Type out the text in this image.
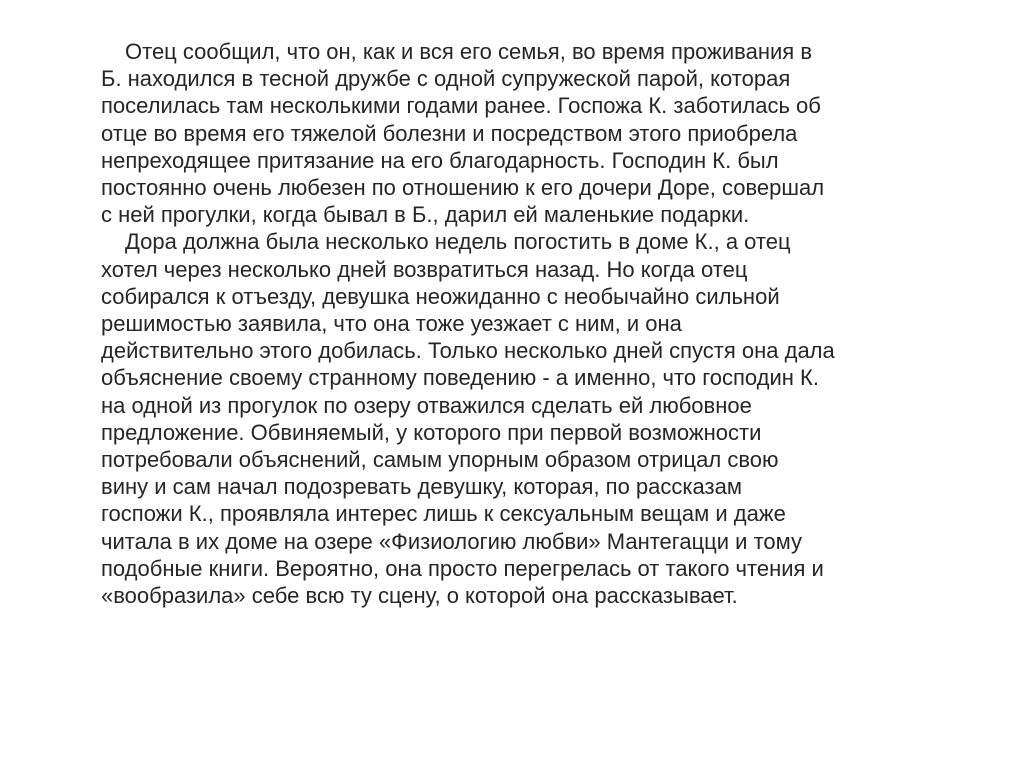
Отец сообщил, что он, как и вся его семья, во время проживания в
Б. находился в тесной дружбе с одной супружеской парой, которая
поселилась там несколькими годами ранее. Госпожа К. заботилась об
отце во время его тяжелой болезни и посредством этого приобрела
непреходящее притязание на его благодарность. Господин К. был
постоянно очень любезен по отношению к его дочери Доре, совершал
с ней прогулки, когда бывал в Б., дарил ей маленькие подарки.

Дора должна была несколько недель погостить в доме К., а отец
хотел через несколько дней возвратиться назад. Но когда отец
собирался к отъезду, девушка неожиданно с необычайно сильной
решимостью заявила, что она тоже уезжает с ним, и она
действительно этого добилась. Только несколько дней спустя она дала
объяснение своему странному поведению - а именно, что господин К.
на одной из прогулок по озеру отважился сделать ей любовное
предложение. Обвиняемый, у которого при первой возможности
потребовали объяснений, самым упорным образом отрицал свою
вину и сам начал подозревать девушку, которая, по рассказам
госпожи К., проявляла интерес лишь к сексуальным вещам и даже
читала в их доме на озере «Физиологию любви» Мантегацци и тому
подобные книги. Вероятно, она просто перегрелась от такого чтения и
«вообразила» себе всю ту сцену, о которой она рассказывает.
